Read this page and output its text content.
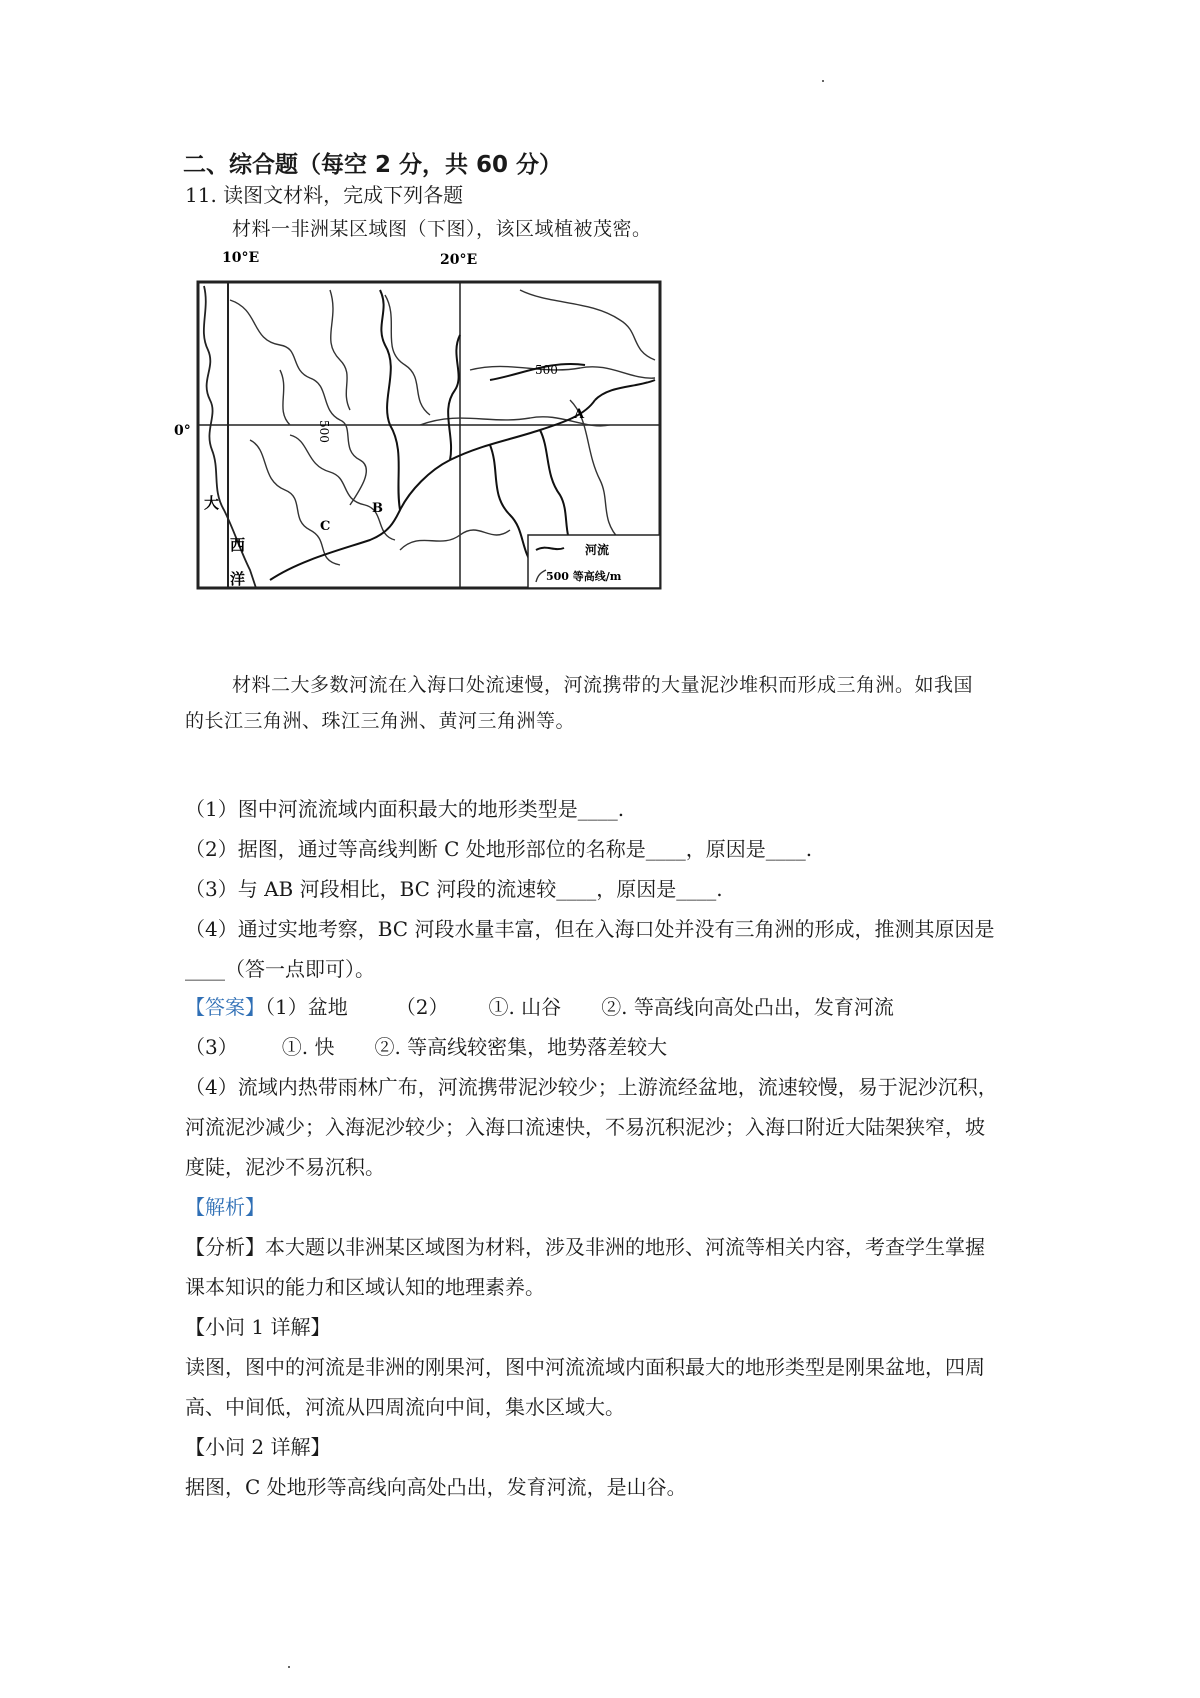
二、综合题（每空 2 分，共 60 分）
11. 读图文材料，完成下列各题
材料一非洲某区域图（下图），该区域植被茂密。
10°E	20°E
0°
500
500
A
B
C
大
西
洋
河流
500 等高线/m
材料二大多数河流在入海口处流速慢，河流携带的大量泥沙堆积而形成三角洲。如我国
的长江三角洲、珠江三角洲、黄河三角洲等。
（1）图中河流流域内面积最大的地形类型是____.
（2）据图，通过等高线判断 C 处地形部位的名称是____，原因是____.
（3）与 AB 河段相比，BC 河段的流速较____，原因是____.
（4）通过实地考察，BC 河段水量丰富，但在入海口处并没有三角洲的形成，推测其原因是
____（答一点即可）。
【答案】（1）盆地 （2） ①. 山谷 ②. 等高线向高处凸出，发育河流
（3） ①. 快 ②. 等高线较密集，地势落差较大
（4）流域内热带雨林广布，河流携带泥沙较少；上游流经盆地，流速较慢，易于泥沙沉积，
河流泥沙减少；入海泥沙较少；入海口流速快，不易沉积泥沙；入海口附近大陆架狭窄，坡
度陡，泥沙不易沉积。
【解析】
【分析】本大题以非洲某区域图为材料，涉及非洲的地形、河流等相关内容，考查学生掌握
课本知识的能力和区域认知的地理素养。
【小问 1 详解】
读图，图中的河流是非洲的刚果河，图中河流流域内面积最大的地形类型是刚果盆地，四周
高、中间低，河流从四周流向中间，集水区域大。
【小问 2 详解】
据图，C 处地形等高线向高处凸出，发育河流，是山谷。
